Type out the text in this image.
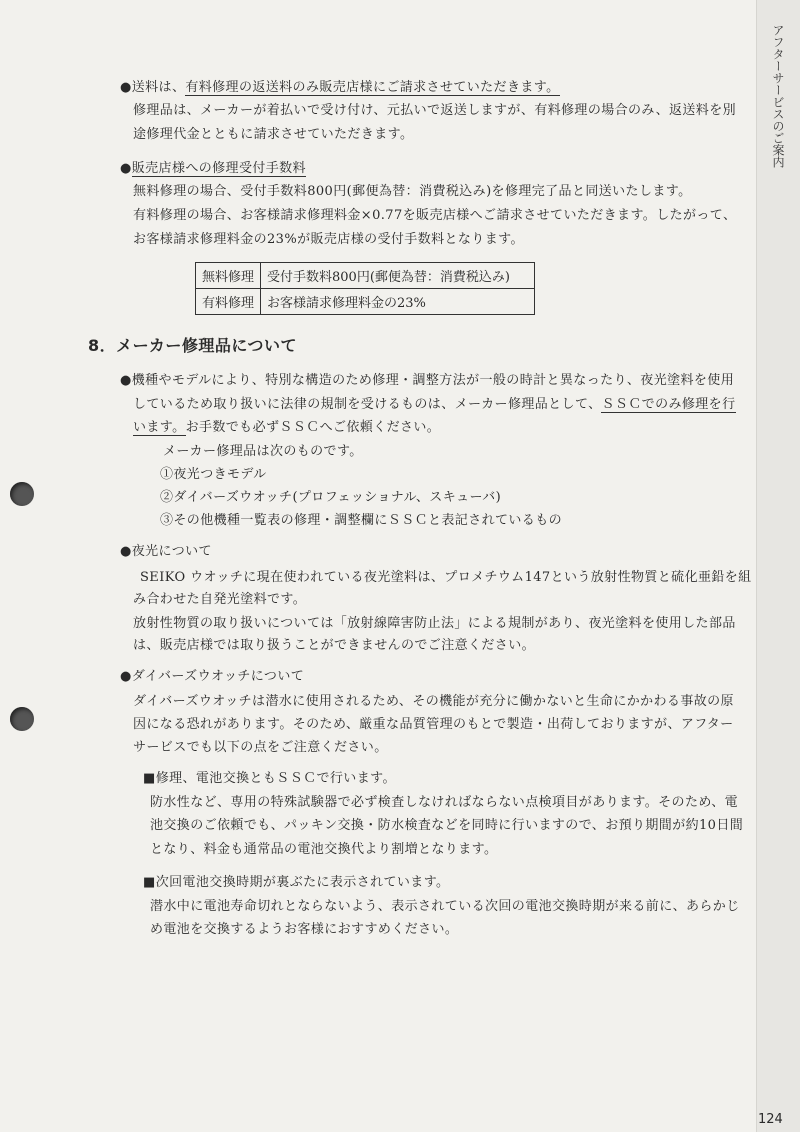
アフターサービスのご案内
●送料は、有料修理の返送料のみ販売店様にご請求させていただきます。
修理品は、メーカーが着払いで受け付け、元払いで返送しますが、有料修理の場合のみ、返送料を別
途修理代金とともに請求させていただきます。
●販売店様への修理受付手数料
無料修理の場合、受付手数料800円(郵便為替：消費税込み)を修理完了品と同送いたします。
有料修理の場合、お客様請求修理料金×0.77を販売店様へご請求させていただきます。したがって、
お客様請求修理料金の23%が販売店様の受付手数料となります。
無料修理	受付手数料800円(郵便為替：消費税込み)
有料修理	お客様請求修理料金の23%
8．メーカー修理品について
●機種やモデルにより、特別な構造のため修理・調整方法が一般の時計と異なったり、夜光塗料を使用
しているため取り扱いに法律の規制を受けるものは、メーカー修理品として、ＳＳＣでのみ修理を行
います。お手数でも必ずＳＳＣへご依頼ください。
メーカー修理品は次のものです。
①夜光つきモデル
②ダイバーズウオッチ(プロフェッショナル、スキューバ)
③その他機種一覧表の修理・調整欄にＳＳＣと表記されているもの
●夜光について
SEIKO ウオッチに現在使われている夜光塗料は、プロメチウム147という放射性物質と硫化亜鉛を組
み合わせた自発光塗料です。
放射性物質の取り扱いについては「放射線障害防止法」による規制があり、夜光塗料を使用した部品
は、販売店様では取り扱うことができませんのでご注意ください。
●ダイバーズウオッチについて
ダイバーズウオッチは潜水に使用されるため、その機能が充分に働かないと生命にかかわる事故の原
因になる恐れがあります。そのため、厳重な品質管理のもとで製造・出荷しておりますが、アフター
サービスでも以下の点をご注意ください。
■修理、電池交換ともＳＳＣで行います。
防水性など、専用の特殊試験器で必ず検査しなければならない点検項目があります。そのため、電
池交換のご依頼でも、パッキン交換・防水検査などを同時に行いますので、お預り期間が約10日間
となり、料金も通常品の電池交換代より割増となります。
■次回電池交換時期が裏ぶたに表示されています。
潜水中に電池寿命切れとならないよう、表示されている次回の電池交換時期が来る前に、あらかじ
め電池を交換するようお客様におすすめください。
124
